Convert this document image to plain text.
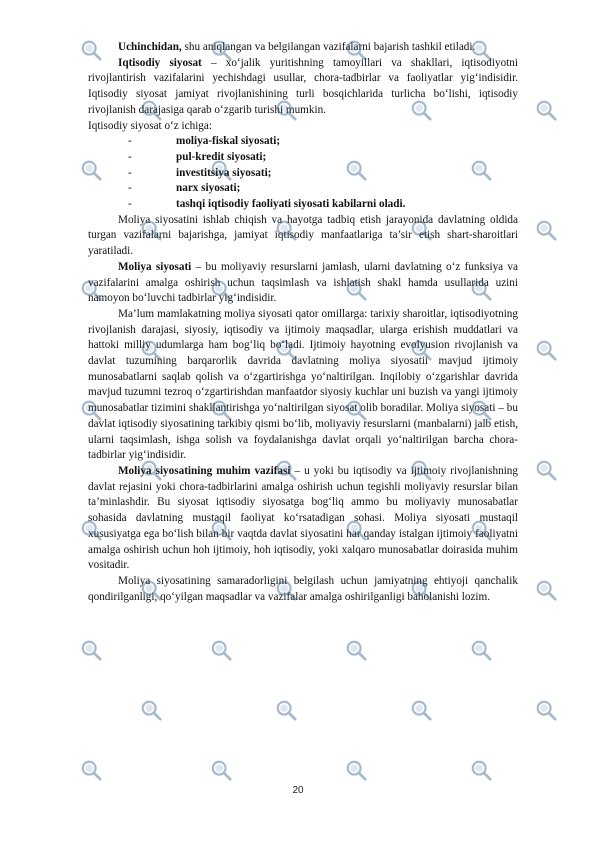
Uchinchidan, shu aniqlangan va belgilangan vazifalarni bajarish tashkil etiladi.

Iqtisodiy siyosat – xo‘jalik yuritishning tamoyillari va shakllari, iqtisodiyotni rivojlantirish vazifalarini yechishdagi usullar, chora-tadbirlar va faoliyatlar yig‘indisidir. Iqtisodiy siyosat jamiyat rivojlanishining turli bosqichlarida turlicha bo‘lishi, iqtisodiy rivojlanish darajasiga qarab o‘zgarib turishi mumkin.

Iqtisodiy siyosat o‘z ichiga:

-	moliya-fiskal siyosati;
-	pul-kredit siyosati;
-	investitsiya siyosati;
-	narx siyosati;
-	tashqi iqtisodiy faoliyati siyosati kabilarni oladi.

Moliya siyosatini ishlab chiqish va hayotga tadbiq etish jarayonida davlatning oldida turgan vazifalarni bajarishga, jamiyat iqtisodiy manfaatlariga ta’sir etish shart-sharoitlari yaratiladi.

Moliya siyosati – bu moliyaviy resurslarni jamlash, ularni davlatning o‘z funksiya va vazifalarini amalga oshirish uchun taqsimlash va ishlatish shakl hamda usullarida uzini namoyon bo‘luvchi tadbirlar yig‘indisidir.

Ma’lum mamlakatning moliya siyosati qator omillarga: tarixiy sharoitlar, iqtisodiyotning rivojlanish darajasi, siyosiy, iqtisodiy va ijtimoiy maqsadlar, ularga erishish muddatlari va hattoki milliy udumlarga ham bog‘liq bo‘ladi. Ijtimoiy hayotning evolyusion rivojlanish va davlat tuzumining barqarorlik davrida davlatning moliya siyosatii mavjud ijtimoiy munosabatlarni saqlab qolish va o‘zgartirishga yo‘naltirilgan. Inqilobiy o‘zgarishlar davrida mavjud tuzumni tezroq o‘zgartirishdan manfaatdor siyosiy kuchlar uni buzish va yangi ijtimoiy munosabatlar tizimini shakllantirishga yo‘naltirilgan siyosat olib boradilar. Moliya siyosati – bu davlat iqtisodiy siyosatining tarkibiy qismi bo‘lib, moliyaviy resurslarni (manbalarni) jalb etish, ularni taqsimlash, ishga solish va foydalanishga davlat orqali yo‘naltirilgan barcha chora-tadbirlar yig‘indisidir.

Moliya siyosatining muhim vazifasi – u yoki bu iqtisodiy va ijtimoiy rivojlanishning davlat rejasini yoki chora-tadbirlarini amalga oshirish uchun tegishli moliyaviy resurslar bilan ta’minlashdir. Bu siyosat iqtisodiy siyosatga bog‘liq ammo bu moliyaviy munosabatlar sohasida davlatning mustaqil faoliyat ko‘rsatadigan sohasi. Moliya siyosati mustaqil xususiyatga ega bo‘lish bilan bir vaqtda davlat siyosatini har qanday istalgan ijtimoiy faoliyatni amalga oshirish uchun hoh ijtimoiy, hoh iqtisodiy, yoki xalqaro munosabatlar doirasida muhim vositadir.

Moliya siyosatining samaradorligini belgilash uchun jamiyatning ehtiyoji qanchalik qondirilganligi, qo‘yilgan maqsadlar va vazifalar amalga oshirilganligi baholanishi lozim.

20
